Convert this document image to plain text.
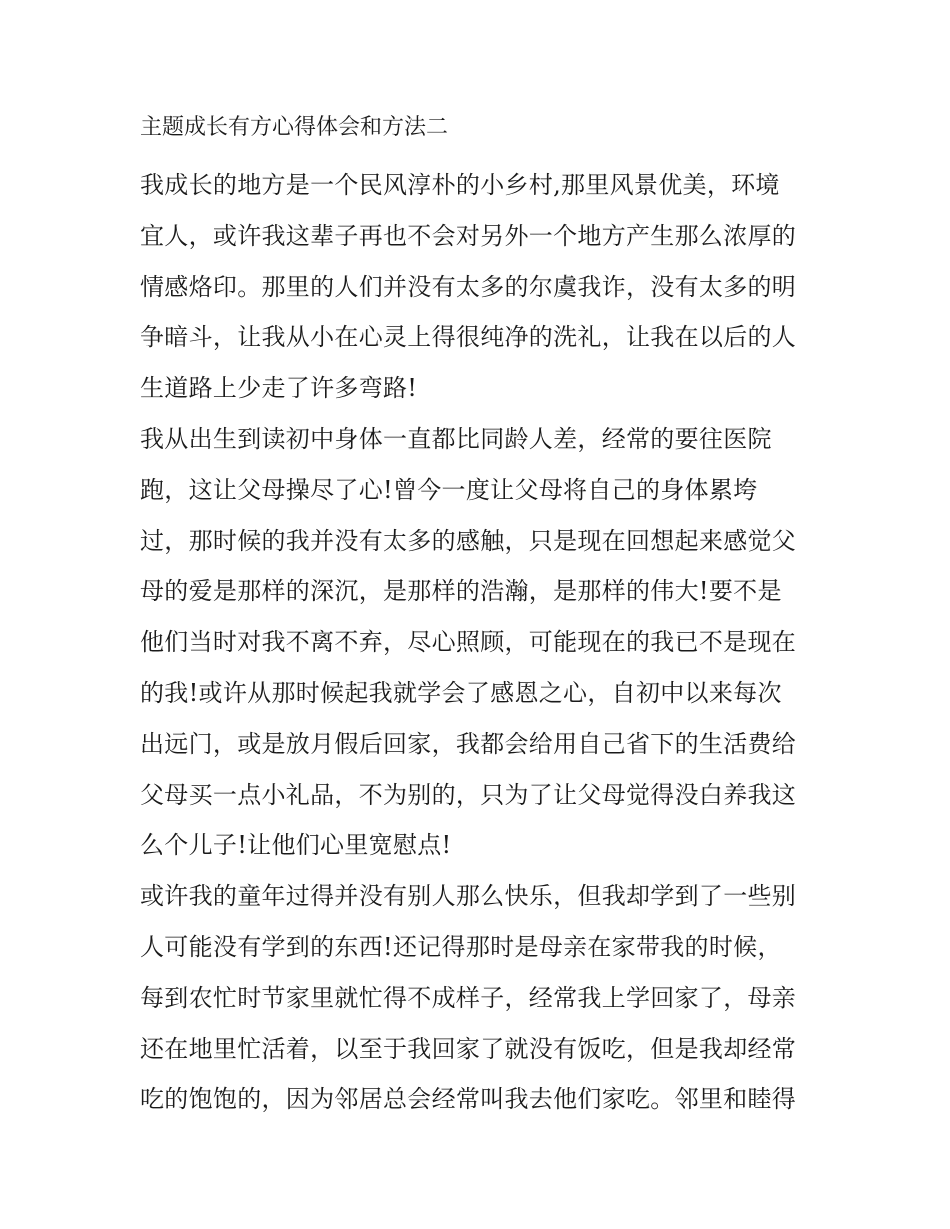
主题成长有方心得体会和方法二
我成长的地方是一个民风淳朴的小乡村,那里风景优美，环境
宜人，或许我这辈子再也不会对另外一个地方产生那么浓厚的
情感烙印。那里的人们并没有太多的尔虞我诈，没有太多的明
争暗斗，让我从小在心灵上得很纯净的洗礼，让我在以后的人
生道路上少走了许多弯路!
我从出生到读初中身体一直都比同龄人差，经常的要往医院
跑，这让父母操尽了心!曾今一度让父母将自己的身体累垮
过，那时候的我并没有太多的感触，只是现在回想起来感觉父
母的爱是那样的深沉，是那样的浩瀚，是那样的伟大!要不是
他们当时对我不离不弃，尽心照顾，可能现在的我已不是现在
的我!或许从那时候起我就学会了感恩之心，自初中以来每次
出远门，或是放月假后回家，我都会给用自己省下的生活费给
父母买一点小礼品，不为别的，只为了让父母觉得没白养我这
么个儿子!让他们心里宽慰点!
或许我的童年过得并没有别人那么快乐，但我却学到了一些别
人可能没有学到的东西!还记得那时是母亲在家带我的时候，
每到农忙时节家里就忙得不成样子，经常我上学回家了，母亲
还在地里忙活着，以至于我回家了就没有饭吃，但是我却经常
吃的饱饱的，因为邻居总会经常叫我去他们家吃。邻里和睦得
